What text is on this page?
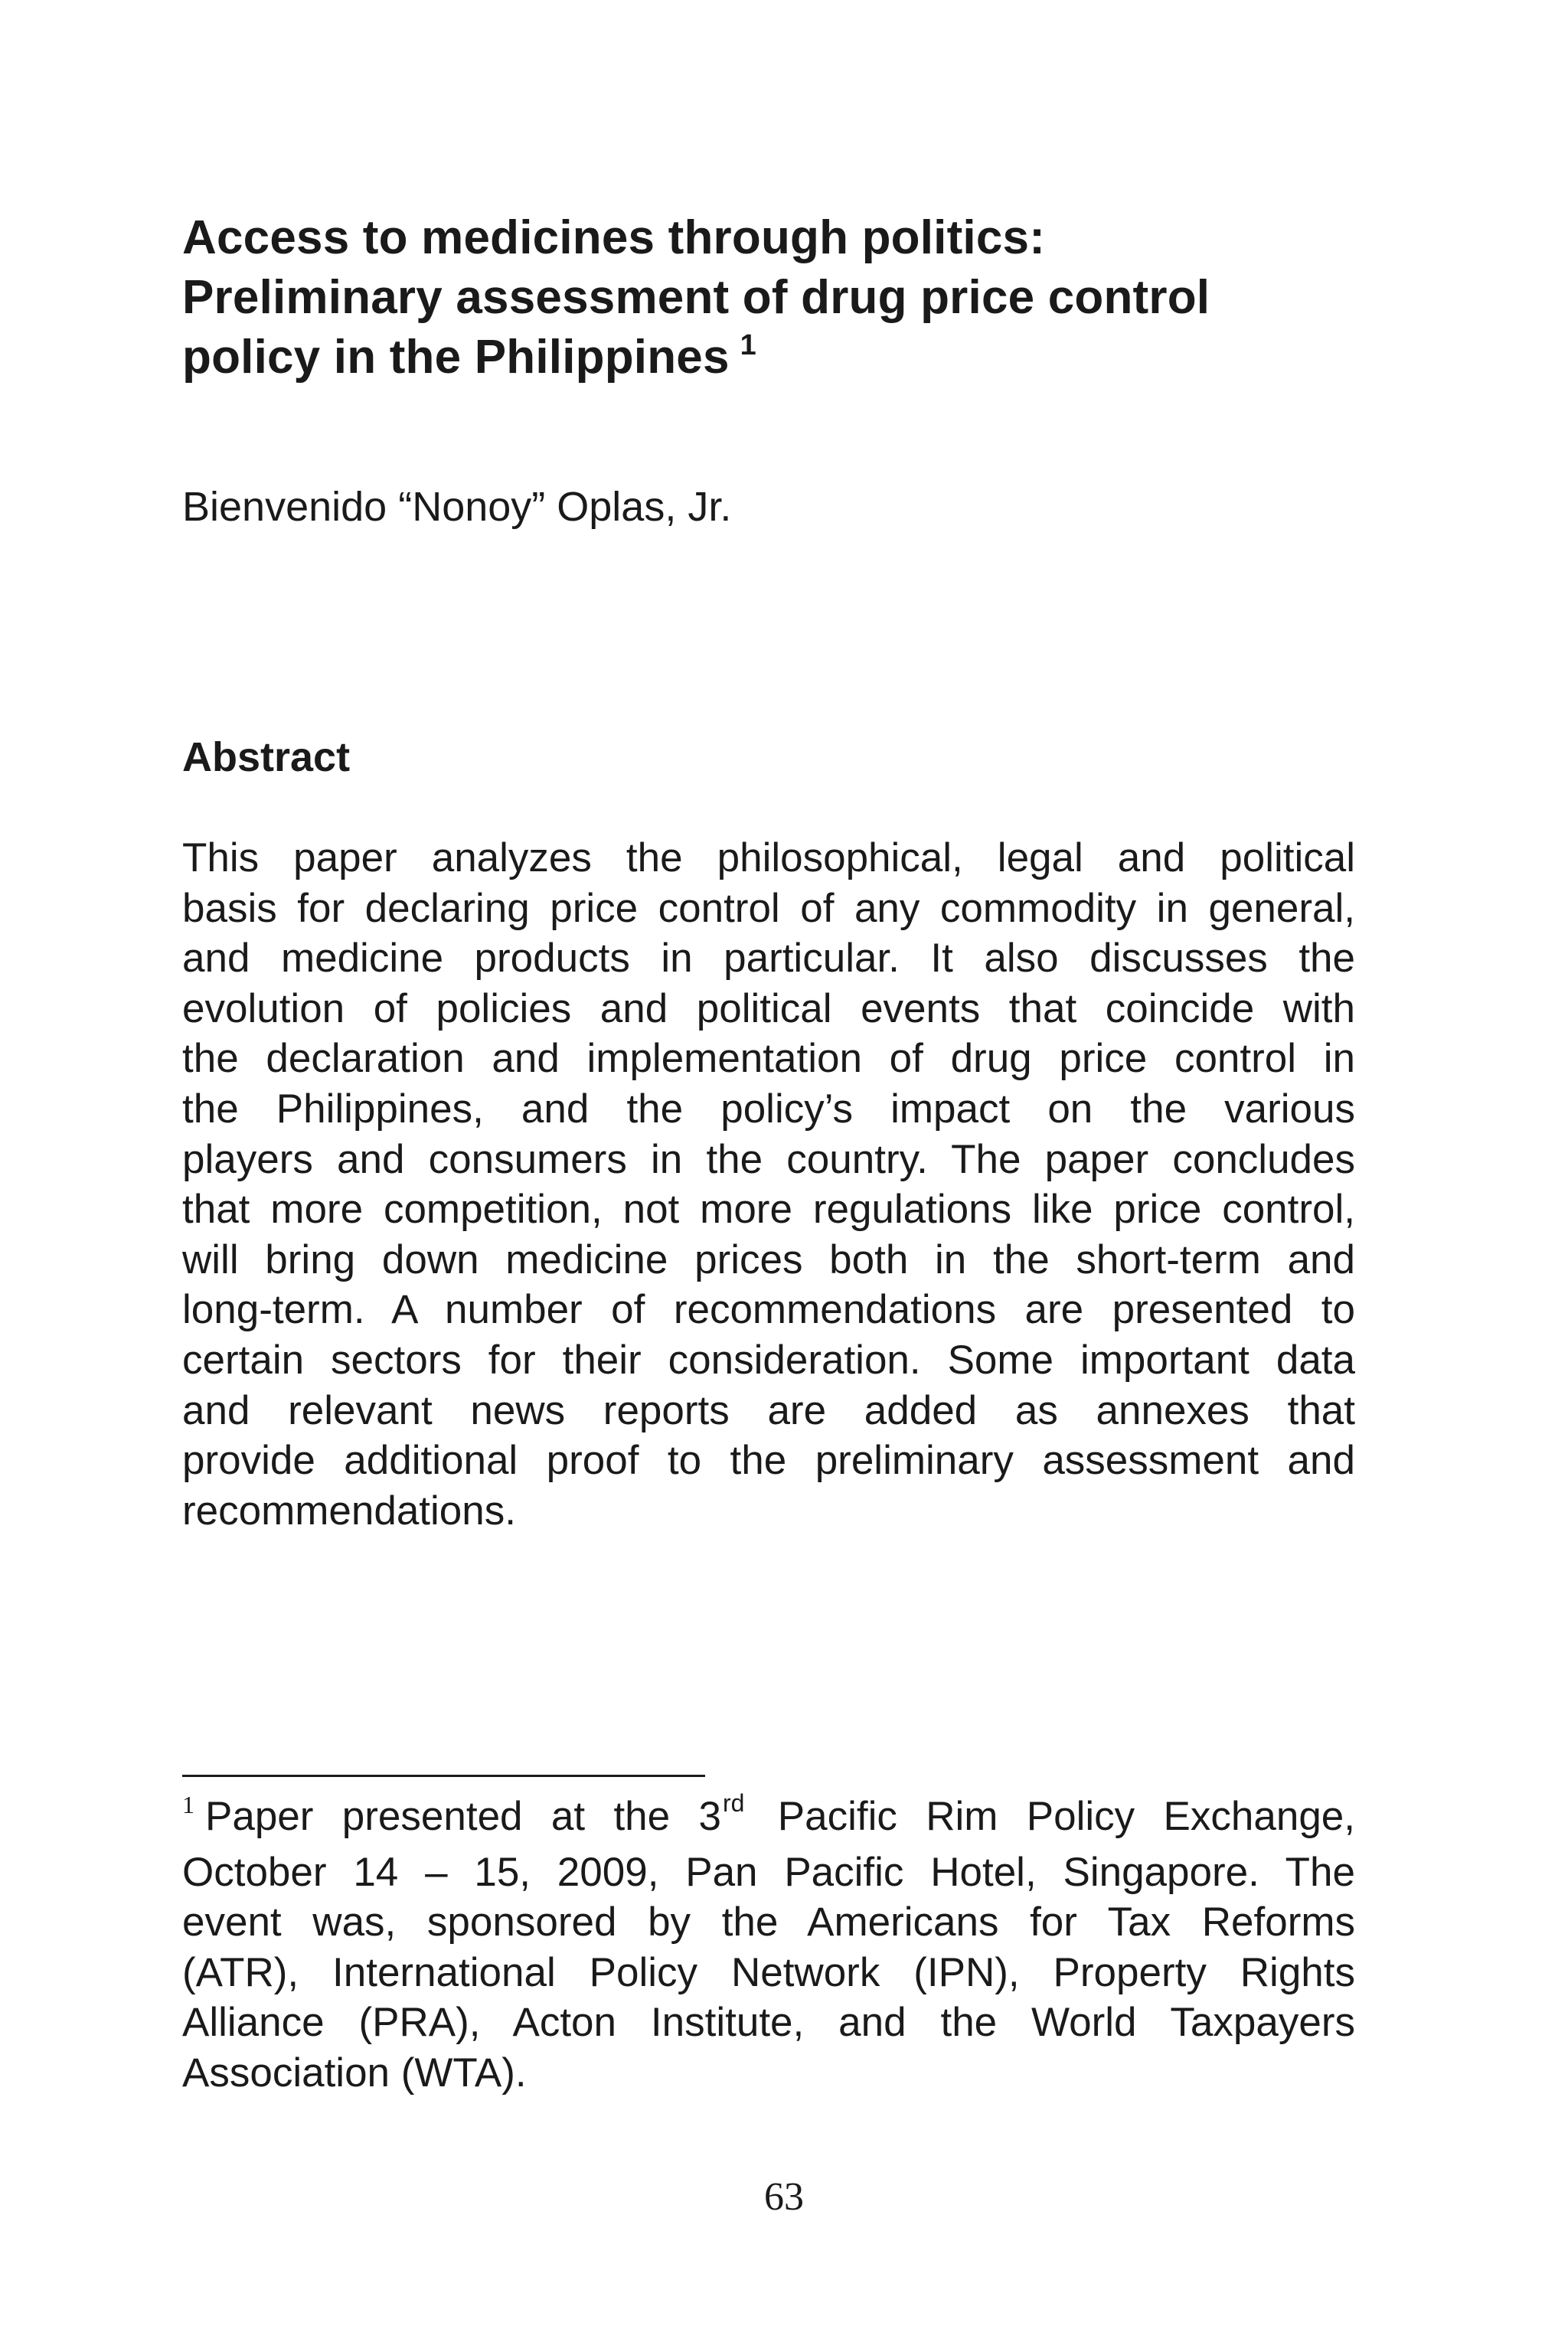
Access to medicines through politics:
Preliminary assessment of drug price control
policy in the Philippines $^1$

Bienvenido “Nonoy” Oplas, Jr.

Abstract
This paper analyzes the philosophical, legal and political
basis for declaring price control of any commodity in general,
and medicine products in particular. It also discusses the
evolution of policies and political events that coincide with
the declaration and implementation of drug price control in
the Philippines, and the policy’s impact on the various
players and consumers in the country. The paper concludes
that more competition, not more regulations like price control,
will bring down medicine prices both in the short-term and
long-term. A number of recommendations are presented to
certain sectors for their consideration. Some important data
and relevant news reports are added as annexes that
provide additional proof to the preliminary assessment and
recommendations.
$^1$ Paper presented at the 3rd Pacific Rim Policy Exchange,
October 14 – 15, 2009, Pan Pacific Hotel, Singapore. The
event was, sponsored by the Americans for Tax Reforms
(ATR), International Policy Network (IPN), Property Rights
Alliance (PRA), Acton Institute, and the World Taxpayers
Association (WTA).
63
